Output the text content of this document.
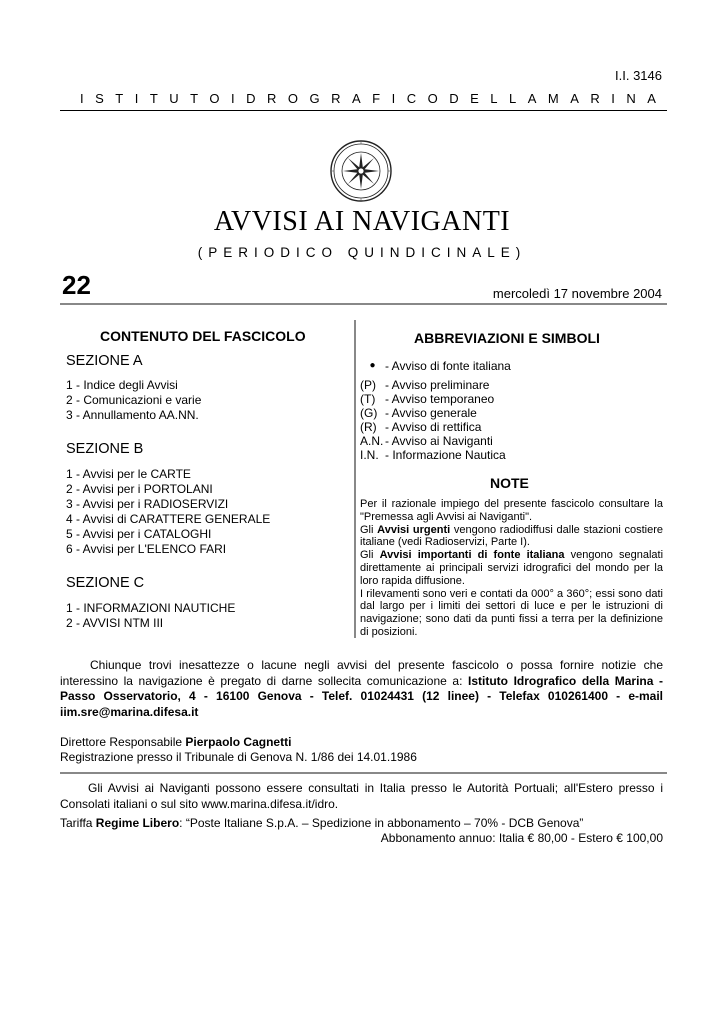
I.I. 3146
ISTITUTO IDROGRAFICO DELLA MARINA
AVVISI AI NAVIGANTI
(PERIODICO QUINDICINALE)
22	mercoledì 17 novembre 2004
CONTENUTO DEL FASCICOLO
SEZIONE A
1 - Indice degli Avvisi
2 - Comunicazioni e varie
3 - Annullamento AA.NN.
SEZIONE B
1 - Avvisi per le CARTE
2 - Avvisi per i PORTOLANI
3 - Avvisi per i RADIOSERVIZI
4 - Avvisi di CARATTERE GENERALE
5 - Avvisi per i CATALOGHI
6 - Avvisi per L'ELENCO FARI
SEZIONE C
1 - INFORMAZIONI NAUTICHE
2 - AVVISI NTM III
ABBREVIAZIONI E SIMBOLI
● - Avviso di fonte italiana
(P) - Avviso preliminare
(T) - Avviso temporaneo
(G) - Avviso generale
(R) - Avviso di rettifica
A.N. - Avviso ai Naviganti
I.N. - Informazione Nautica
NOTE
Per il razionale impiego del presente fascicolo consultare la "Premessa agli Avvisi ai Naviganti".
Gli Avvisi urgenti vengono radiodiffusi dalle stazioni costiere italiane (vedi Radioservizi, Parte I).
Gli Avvisi importanti di fonte italiana vengono segnalati direttamente ai principali servizi idrografici del mondo per la loro rapida diffusione.
I rilevamenti sono veri e contati da 000° a 360°; essi sono dati dal largo per i limiti dei settori di luce e per le istruzioni di navigazione; sono dati da punti fissi a terra per la definizione di posizioni.
Chiunque trovi inesattezze o lacune negli avvisi del presente fascicolo o possa fornire notizie che interessino la navigazione è pregato di darne sollecita comunicazione a: Istituto Idrografico della Marina - Passo Osservatorio, 4 - 16100 Genova - Telef. 01024431 (12 linee) - Telefax 010261400 - e-mail iim.sre@marina.difesa.it
Direttore Responsabile Pierpaolo Cagnetti
Registrazione presso il Tribunale di Genova N. 1/86 dei 14.01.1986
Gli Avvisi ai Naviganti possono essere consultati in Italia presso le Autorità Portuali; all'Estero presso i Consolati italiani o sul sito www.marina.difesa.it/idro.
Tariffa Regime Libero: “Poste Italiane S.p.A. – Spedizione in abbonamento – 70% - DCB Genova”
Abbonamento annuo: Italia € 80,00 - Estero € 100,00
